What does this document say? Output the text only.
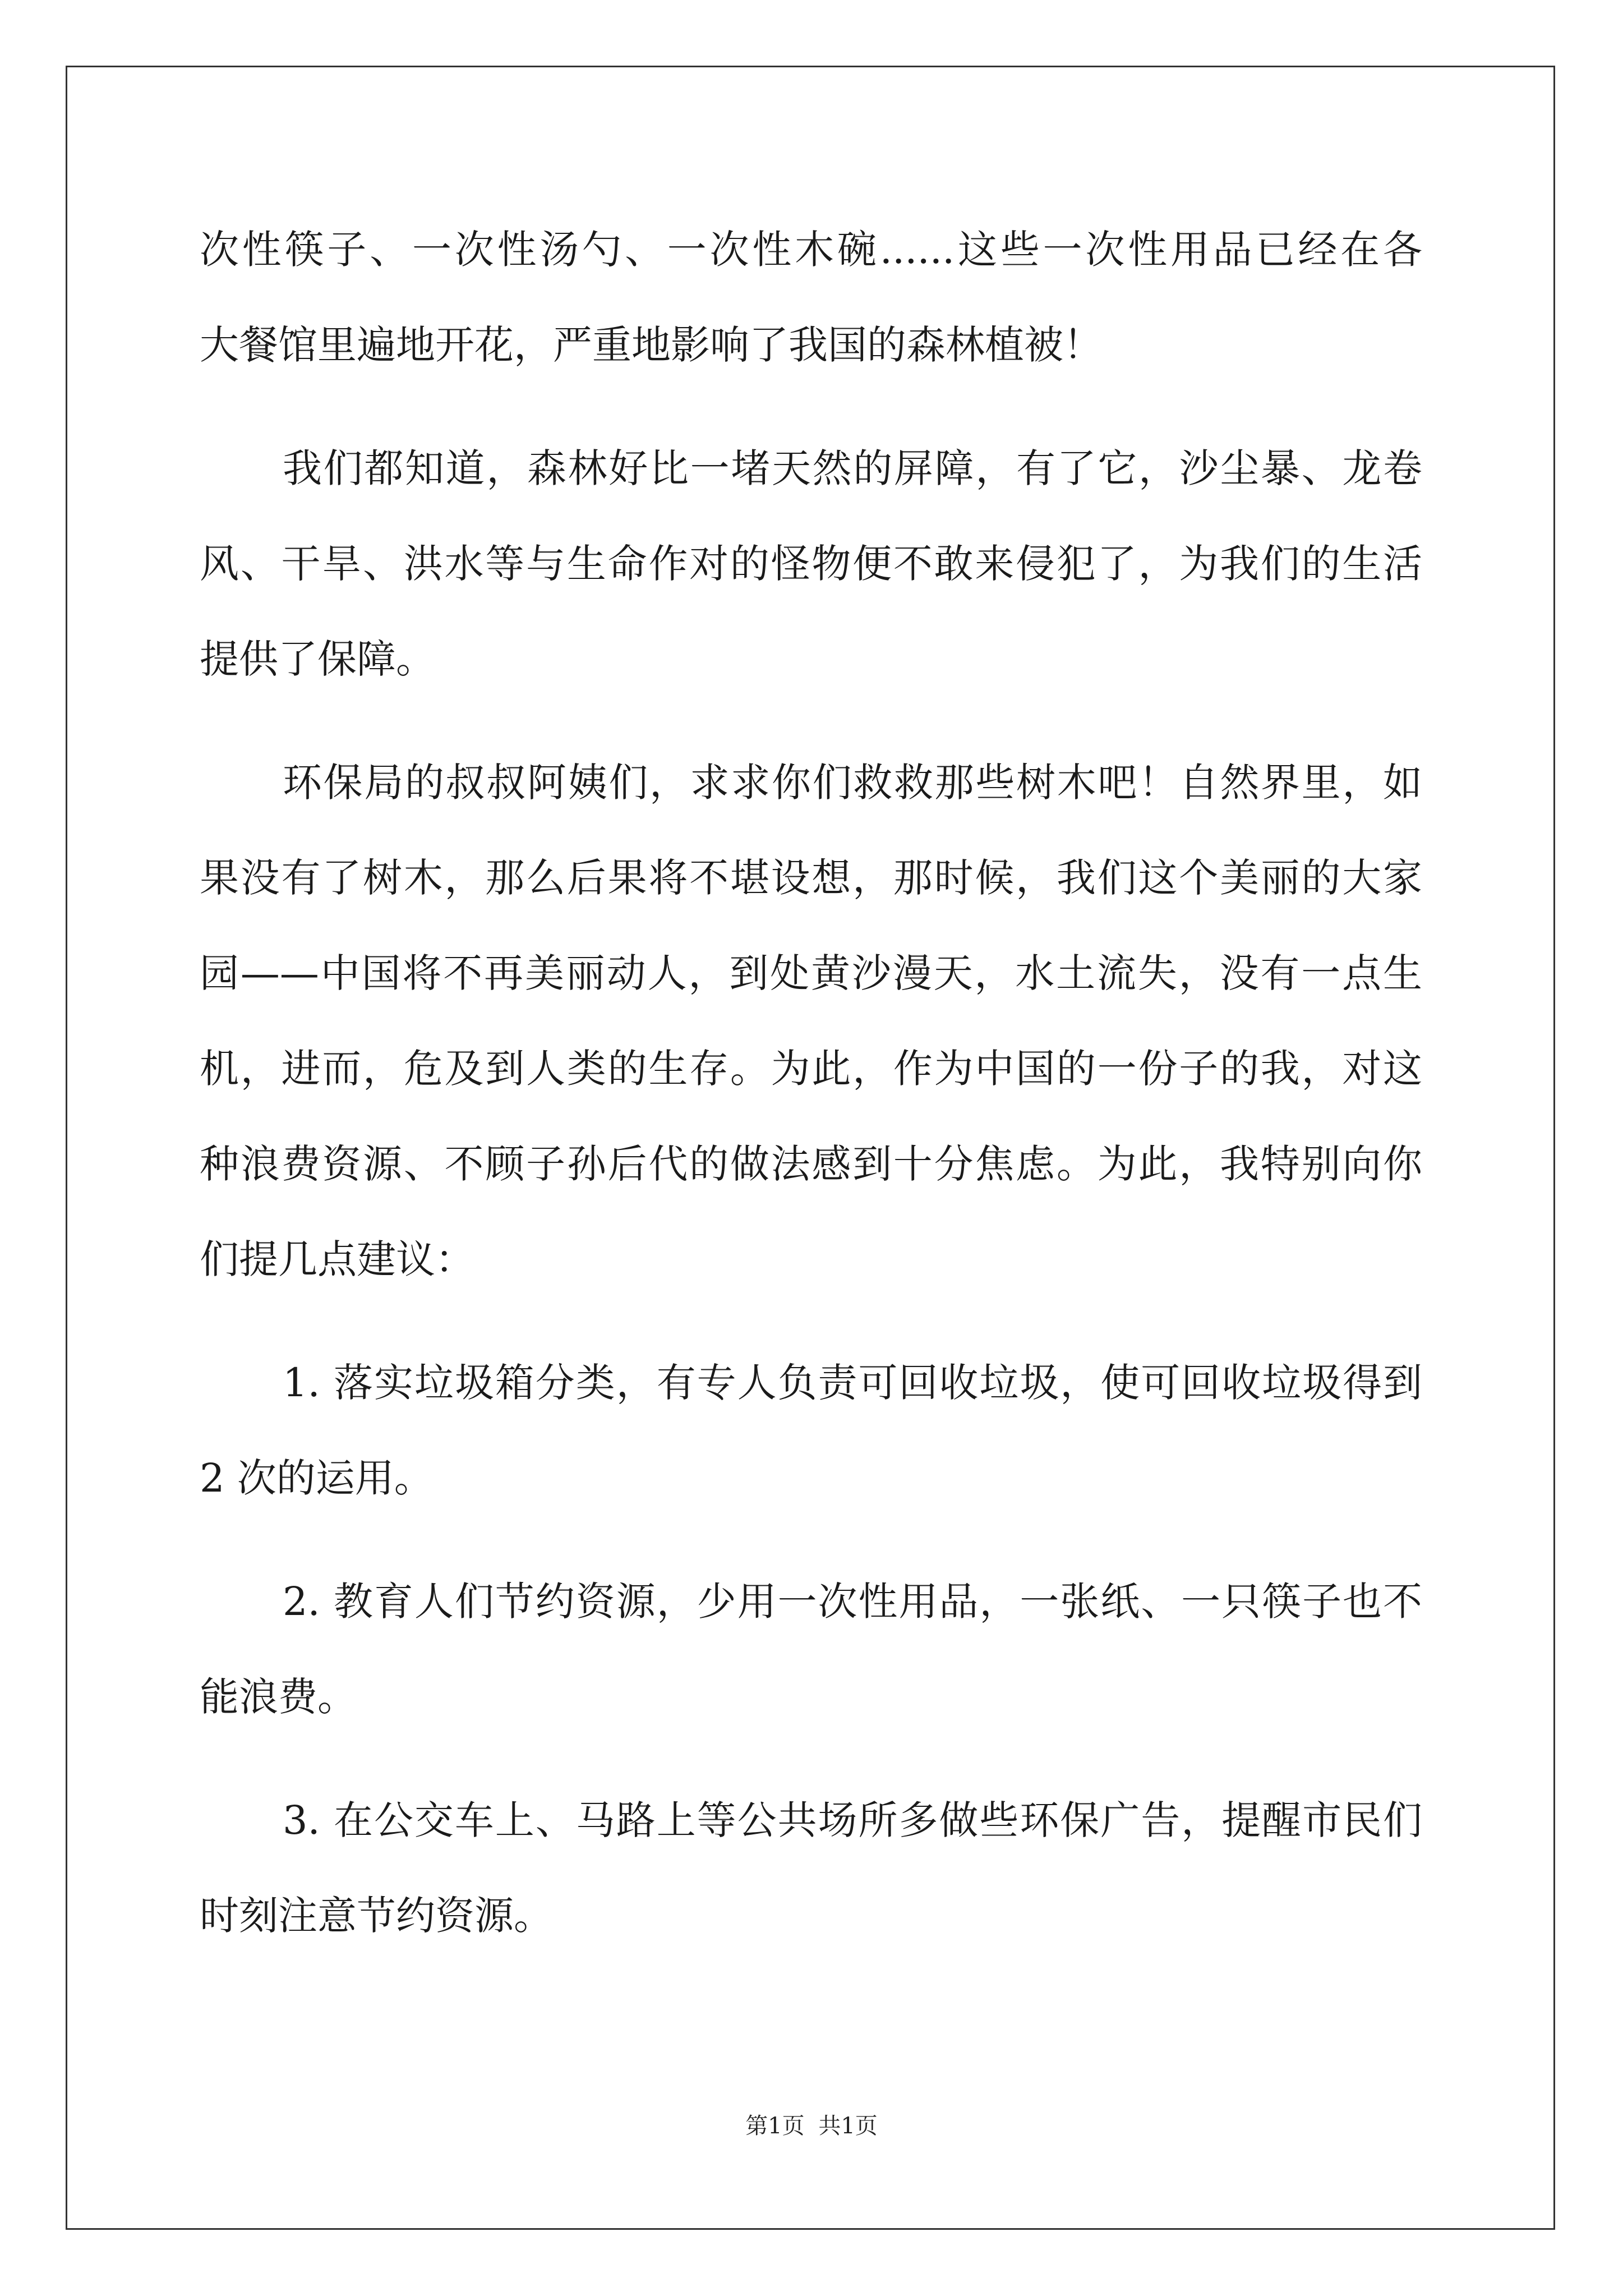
次性筷子、一次性汤勺、一次性木碗......这些一次性用品已经在各
大餐馆里遍地开花，严重地影响了我国的森林植被！
我们都知道，森林好比一堵天然的屏障，有了它，沙尘暴、龙卷
风、干旱、洪水等与生命作对的怪物便不敢来侵犯了，为我们的生活
提供了保障。
环保局的叔叔阿姨们，求求你们救救那些树木吧！自然界里，如
果没有了树木，那么后果将不堪设想，那时候，我们这个美丽的大家
园——中国将不再美丽动人，到处黄沙漫天，水土流失，没有一点生
机，进而，危及到人类的生存。为此，作为中国的一份子的我，对这
种浪费资源、不顾子孙后代的做法感到十分焦虑。为此，我特别向你
们提几点建议：
1. 落实垃圾箱分类，有专人负责可回收垃圾，使可回收垃圾得到
2 次的运用。
2. 教育人们节约资源，少用一次性用品，一张纸、一只筷子也不
能浪费。
3. 在公交车上、马路上等公共场所多做些环保广告，提醒市民们
时刻注意节约资源。
第1页 共1页
